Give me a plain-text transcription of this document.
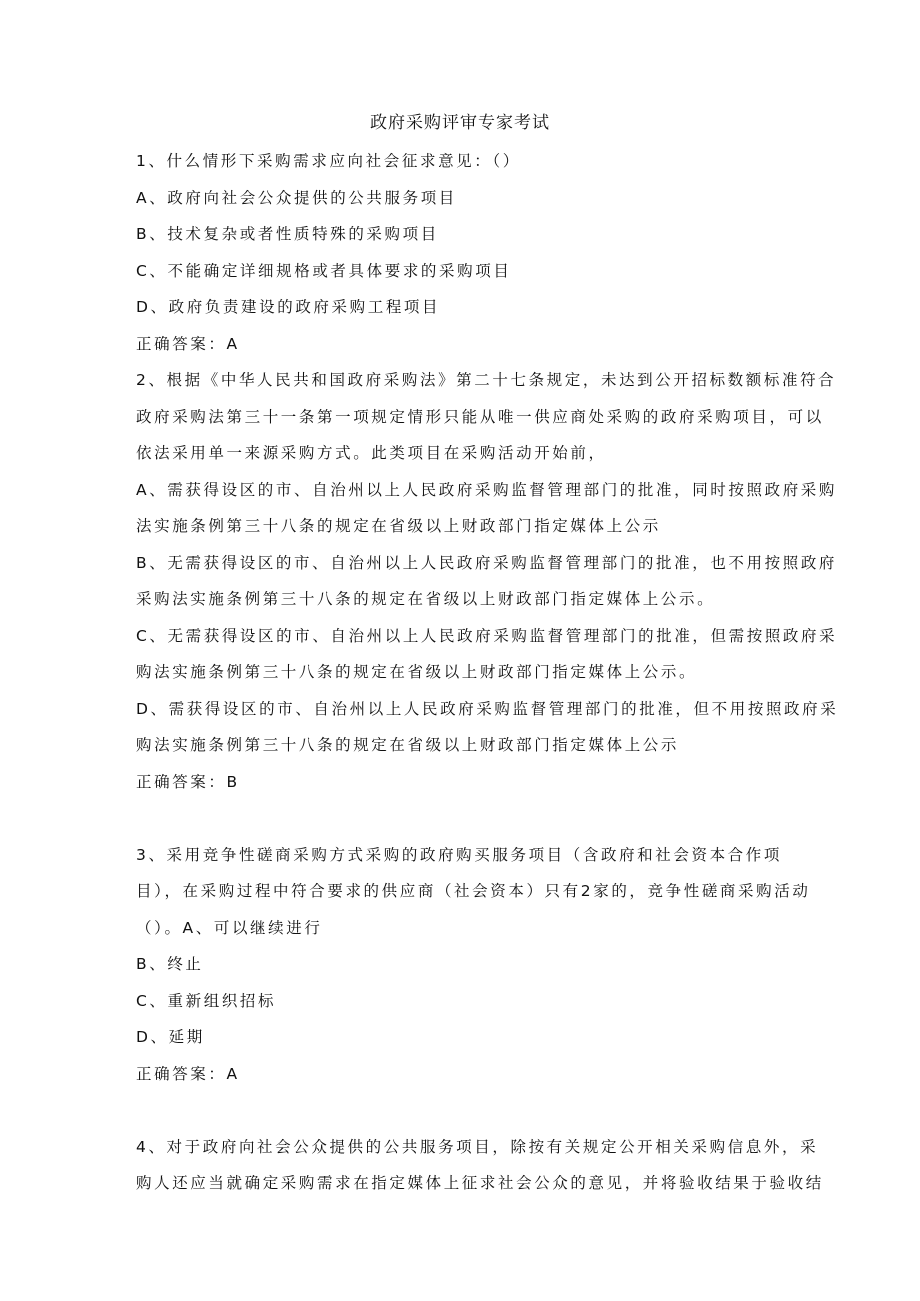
政府采购评审专家考试
1、什么情形下采购需求应向社会征求意见：（）
A、政府向社会公众提供的公共服务项目
B、技术复杂或者性质特殊的采购项目
C、不能确定详细规格或者具体要求的采购项目
D、政府负责建设的政府采购工程项目
正确答案：A
2、根据《中华人民共和国政府采购法》第二十七条规定，未达到公开招标数额标准符合
政府采购法第三十一条第一项规定情形只能从唯一供应商处采购的政府采购项目，可以
依法采用单一来源采购方式。此类项目在采购活动开始前，
A、需获得设区的市、自治州以上人民政府采购监督管理部门的批准，同时按照政府采购
法实施条例第三十八条的规定在省级以上财政部门指定媒体上公示
B、无需获得设区的市、自治州以上人民政府采购监督管理部门的批准，也不用按照政府
采购法实施条例第三十八条的规定在省级以上财政部门指定媒体上公示。
C、无需获得设区的市、自治州以上人民政府采购监督管理部门的批准，但需按照政府采
购法实施条例第三十八条的规定在省级以上财政部门指定媒体上公示。
D、需获得设区的市、自治州以上人民政府采购监督管理部门的批准，但不用按照政府采
购法实施条例第三十八条的规定在省级以上财政部门指定媒体上公示
正确答案：B
3、采用竞争性磋商采购方式采购的政府购买服务项目（含政府和社会资本合作项
目），在采购过程中符合要求的供应商（社会资本）只有2家的，竞争性磋商采购活动
（）。A、可以继续进行
B、终止
C、重新组织招标
D、延期
正确答案：A
4、对于政府向社会公众提供的公共服务项目，除按有关规定公开相关采购信息外，采
购人还应当就确定采购需求在指定媒体上征求社会公众的意见，并将验收结果于验收结
